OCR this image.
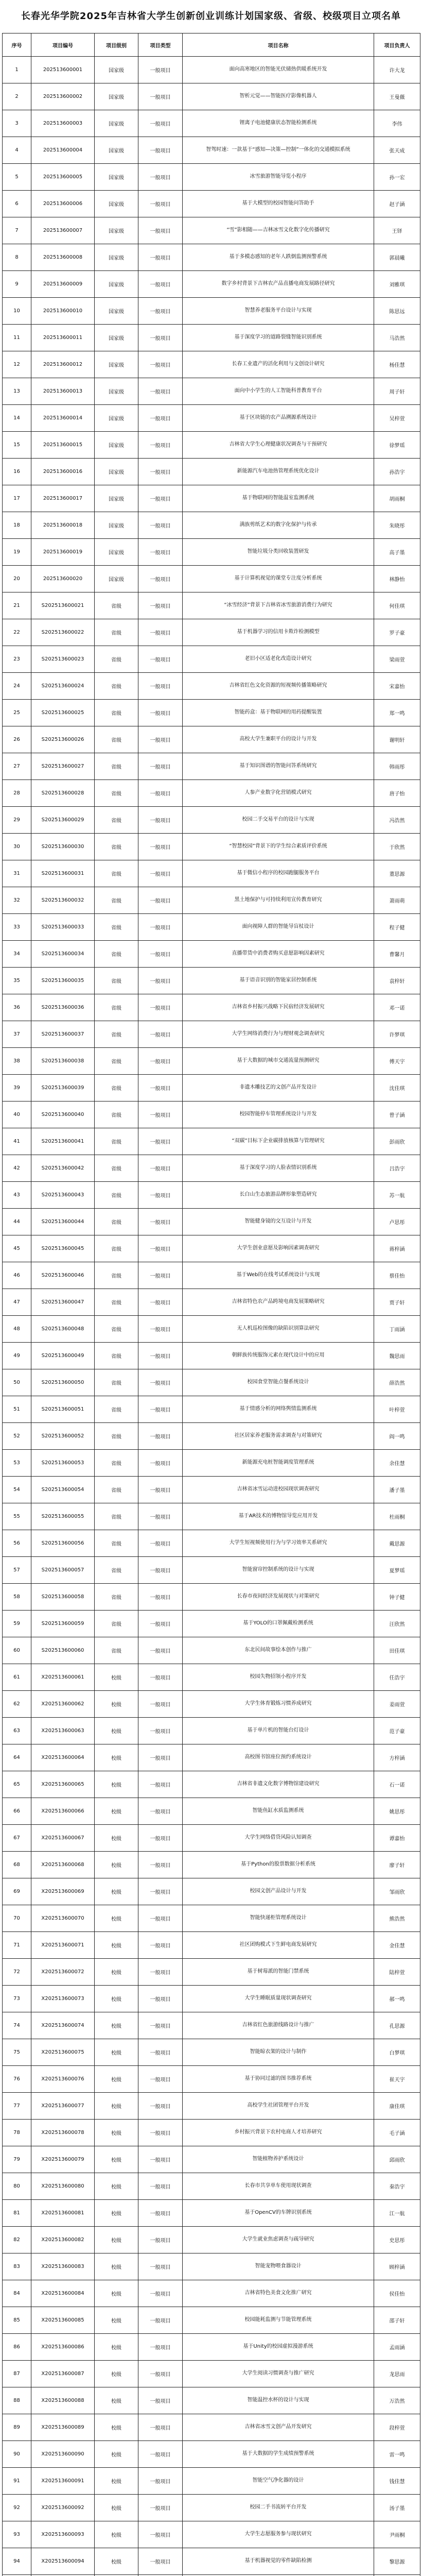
长春光华学院2025年吉林省大学生创新创业训练计划国家级、省级、校级项目立项名单
序号	项目编号	项目级别	项目类型	项目名称	项目负责人
1	202513600001	国家级	一般项目	面向高寒地区的智能光伏储热供暖系统开发	许大龙
2	202513600002	国家级	一般项目	智析元觉——智能医疗影像机器人	王曼薇
3	202513600003	国家级	一般项目	锂离子电池健康状态智能检测系统	李伟
4	202513600004	国家级	一般项目	智驾时速：一款基于“感知—决策—控制”一体化的交通模拟系统	张天成
5	202513600005	国家级	一般项目	冰雪旅游智能导览小程序	孙一宏
6	202513600006	国家级	一般项目	基于大模型的校园智能问答助手	赵子涵
7	202513600007	国家级	一般项目	“雪”影相随——吉林冰雪文化数字化传播研究	王铎
8	202513600008	国家级	一般项目	基于多模态感知的老年人跌倒监测预警系统	郭晨曦
9	202513600009	国家级	一般项目	数字乡村背景下吉林农产品直播电商发展路径研究	刘雅琪
10	202513600010	国家级	一般项目	智慧养老服务平台设计与实现	陈思远
11	202513600011	国家级	一般项目	基于深度学习的道路裂缝智能识别系统	马浩然
12	202513600012	国家级	一般项目	长春工业遗产的活化利用与文创设计研究	杨佳慧
13	202513600013	国家级	一般项目	面向中小学生的人工智能科普教育平台	周子轩
14	202513600014	国家级	一般项目	基于区块链的农产品溯源系统设计	吴梓萱
15	202513600015	国家级	一般项目	吉林省大学生心理健康状况调查与干预研究	徐梦瑶
16	202513600016	国家级	一般项目	新能源汽车电池热管理系统优化设计	孙浩宇
17	202513600017	国家级	一般项目	基于物联网的智能温室监测系统	胡雨桐
18	202513600018	国家级	一般项目	满族剪纸艺术的数字化保护与传承	朱晓彤
19	202513600019	国家级	一般项目	智能垃圾分类回收装置研发	高子墨
20	202513600020	国家级	一般项目	基于计算机视觉的课堂专注度分析系统	林静怡
21	S202513600021	省级	一般项目	“冰雪经济”背景下吉林省冰雪旅游消费行为研究	何佳琪
22	S202513600022	省级	一般项目	基于机器学习的信用卡欺诈检测模型	罗子豪
23	S202513600023	省级	一般项目	老旧小区适老化改造设计研究	梁雨萱
24	S202513600024	省级	一般项目	吉林省红色文化资源的短视频传播策略研究	宋嘉怡
25	S202513600025	省级	一般项目	智能药盒：基于物联网的用药提醒装置	郑一鸣
26	S202513600026	省级	一般项目	高校大学生兼职平台的设计与开发	谢明轩
27	S202513600027	省级	一般项目	基于知识图谱的智能问答系统研究	韩雨彤
28	S202513600028	省级	一般项目	人参产业数字化营销模式研究	唐子怡
29	S202513600029	省级	一般项目	校园二手交易平台的设计与实现	冯浩然
30	S202513600030	省级	一般项目	“智慧校园”背景下的学生综合素质评价系统	于欣然
31	S202513600031	省级	一般项目	基于微信小程序的校园跑腿服务平台	董思源
32	S202513600032	省级	一般项目	黑土地保护与可持续利用宣传教育研究	萧雨萌
33	S202513600033	省级	一般项目	面向视障人群的智能导盲杖设计	程子健
34	S202513600034	省级	一般项目	直播带货中消费者购买意愿影响因素研究	曹馨月
35	S202513600035	省级	一般项目	基于语音识别的智能家居控制系统	袁梓轩
36	S202513600036	省级	一般项目	吉林省乡村振兴战略下民宿经济发展研究	邓一诺
37	S202513600037	省级	一般项目	大学生网络消费行为与理财观念调查研究	许梦琪
38	S202513600038	省级	一般项目	基于大数据的城市交通流量预测研究	傅天宇
39	S202513600039	省级	一般项目	非遗木雕技艺的文创产品开发设计	沈佳琪
40	S202513600040	省级	一般项目	校园智能停车管理系统设计与开发	曾子涵
41	S202513600041	省级	一般项目	“双碳”目标下企业碳排放核算与管理研究	彭雨欣
42	S202513600042	省级	一般项目	基于深度学习的人脸表情识别系统	吕浩宇
43	S202513600043	省级	一般项目	长白山生态旅游品牌形象塑造研究	苏一航
44	S202513600044	省级	一般项目	智能健身镜的交互设计与开发	卢思彤
45	S202513600045	省级	一般项目	大学生创业意愿及影响因素调查研究	蒋梓涵
46	S202513600046	省级	一般项目	基于Web的在线考试系统设计与实现	蔡佳怡
47	S202513600047	省级	一般项目	吉林省特色农产品跨境电商发展策略研究	贾子轩
48	S202513600048	省级	一般项目	无人机巡检图像的缺陷识别算法研究	丁雨涵
49	S202513600049	省级	一般项目	朝鲜族传统服饰元素在现代设计中的应用	魏思雨
50	S202513600050	省级	一般项目	校园食堂智能点餐系统设计	薛浩然
51	S202513600051	省级	一般项目	基于情感分析的网络舆情监测系统	叶梓萱
52	S202513600052	省级	一般项目	社区居家养老服务需求调查与对策研究	阎一鸣
53	S202513600053	省级	一般项目	新能源充电桩智能调度管理系统	余佳慧
54	S202513600054	省级	一般项目	吉林省冰雪运动进校园现状调查研究	潘子墨
55	S202513600055	省级	一般项目	基于AR技术的博物馆导览应用开发	杜雨桐
56	S202513600056	省级	一般项目	大学生短视频使用行为与学习效率关系研究	戴思源
57	S202513600057	省级	一般项目	智能窗帘控制系统的设计与实现	夏梦瑶
58	S202513600058	省级	一般项目	长春市夜间经济发展现状与对策研究	钟子健
59	S202513600059	省级	一般项目	基于YOLO的口罩佩戴检测系统	汪欣然
60	S202513600060	省级	一般项目	东北民间故事绘本创作与推广	田佳琪
61	X202513600061	校级	一般项目	校园失物招领小程序开发	任浩宇
62	X202513600062	校级	一般项目	大学生体育锻炼习惯养成研究	姜雨萱
63	X202513600063	校级	一般项目	基于单片机的智能台灯设计	范子豪
64	X202513600064	校级	一般项目	高校图书馆座位预约系统设计	方梓涵
65	X202513600065	校级	一般项目	吉林省非遗文化数字博物馆建设研究	石一诺
66	X202513600066	校级	一般项目	智能鱼缸水质监测系统	姚思彤
67	X202513600067	校级	一般项目	大学生网络借贷风险认知调查	谭嘉怡
68	X202513600068	校级	一般项目	基于Python的股票数据分析系统	廖子轩
69	X202513600069	校级	一般项目	校园文创产品设计与开发	邹雨欣
70	X202513600070	校级	一般项目	智能快递柜管理系统设计	熊浩然
71	X202513600071	校级	一般项目	社区团购模式下生鲜电商发展研究	金佳慧
72	X202513600072	校级	一般项目	基于树莓派的智能门禁系统	陆梓萱
73	X202513600073	校级	一般项目	大学生睡眠质量现状调查研究	郝一鸣
74	X202513600074	校级	一般项目	吉林省红色旅游线路设计与推广	孔思源
75	X202513600075	校级	一般项目	智能晾衣架的设计与制作	白梦琪
76	X202513600076	校级	一般项目	基于协同过滤的图书推荐系统	崔天宇
77	X202513600077	校级	一般项目	高校学生社团管理平台开发	康佳琪
78	X202513600078	校级	一般项目	乡村振兴背景下农村电商人才培养研究	毛子涵
79	X202513600079	校级	一般项目	智能植物养护系统设计	邱雨欣
80	X202513600080	校级	一般项目	长春市共享单车使用现状调查	秦浩宇
81	X202513600081	校级	一般项目	基于OpenCV的车牌识别系统	江一航
82	X202513600082	校级	一般项目	大学生就业焦虑调查与疏导研究	史思彤
83	X202513600083	校级	一般项目	智能宠物喂食器设计	顾梓涵
84	X202513600084	校级	一般项目	吉林省特色美食文化推广研究	侯佳怡
85	X202513600085	校级	一般项目	校园能耗监测与节能管理系统	邵子轩
86	X202513600086	校级	一般项目	基于Unity的校园虚拟漫游系统	孟雨涵
87	X202513600087	校级	一般项目	大学生阅读习惯调查与推广研究	龙思雨
88	X202513600088	校级	一般项目	智能温控水杯的设计与实现	万浩然
89	X202513600089	校级	一般项目	吉林省冰雪文创产品开发研究	段梓萱
90	X202513600090	校级	一般项目	基于大数据的学生成绩预警系统	雷一鸣
91	X202513600091	校级	一般项目	智能空气净化器的设计	钱佳慧
92	X202513600092	校级	一般项目	校园二手书流转平台开发	汤子墨
93	X202513600093	校级	一般项目	大学生志愿服务参与现状研究	尹雨桐
94	X202513600094	校级	一般项目	基于机器视觉的零件缺陷检测	黎思源
